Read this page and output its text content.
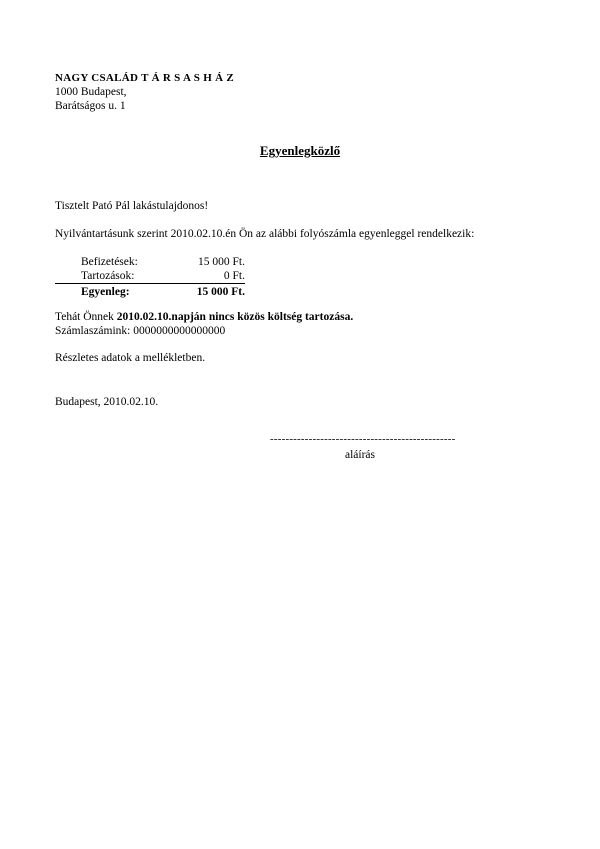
NAGY CSALÁD T Á R S A S H Á Z
1000 Budapest,
Barátságos u. 1
Egyenlegközlő
Tisztelt Pató Pál lakástulajdonos!
Nyilvántartásunk szerint 2010.02.10.én Ön az alábbi folyószámla egyenleggel rendelkezik:
Befizetések:	15 000 Ft.
Tartozások:	0 Ft.
Egyenleg:	15 000 Ft.
Tehát Önnek 2010.02.10.napján nincs közös költség tartozása.
Számlaszámink: 0000000000000000
Részletes adatok a mellékletben.
Budapest, 2010.02.10.
------------------------------------------------
aláírás
